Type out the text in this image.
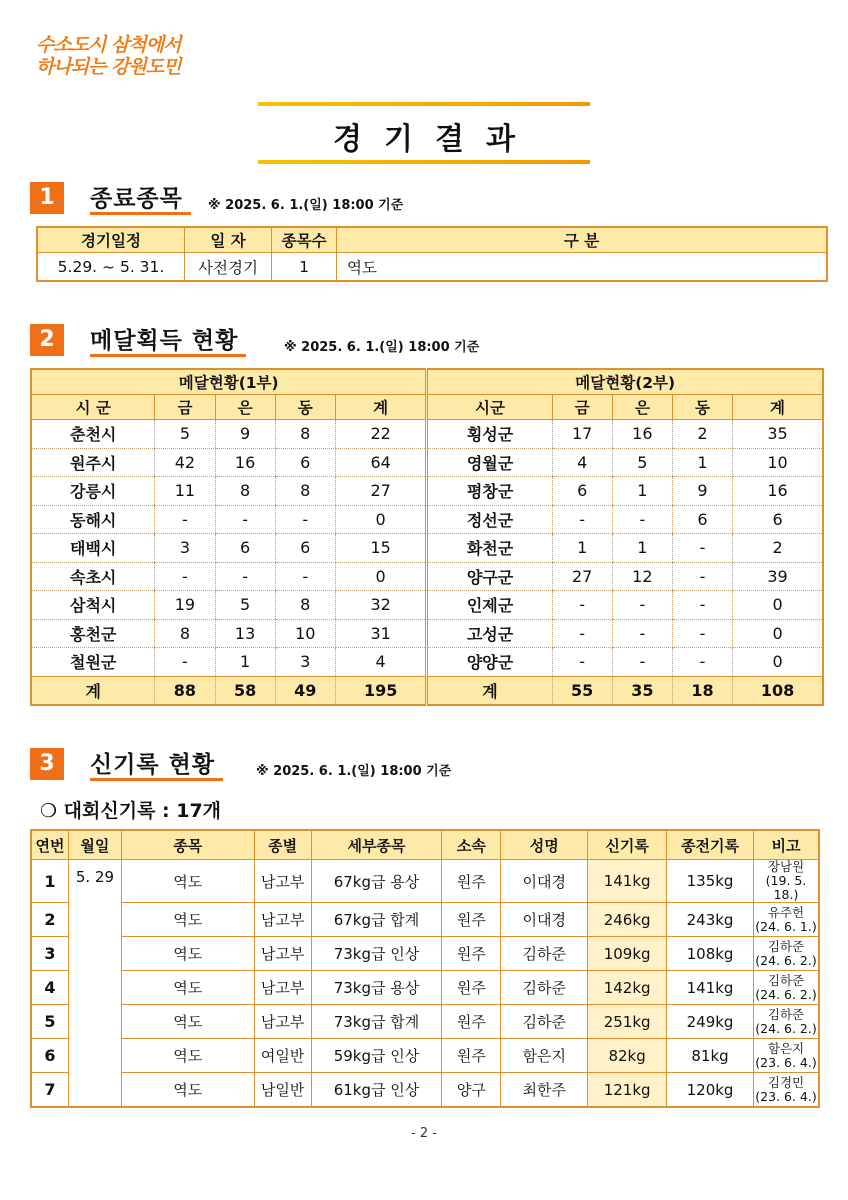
수소도시 삼척에서
하나되는 강원도민
경기결과
1	종료종목	※ 2025. 6. 1.(일) 18:00 기준
경기일정	일 자	종목수	구 분
5.29. ~ 5. 31.	사전경기	1	역도
2	메달획득 현황	※ 2025. 6. 1.(일) 18:00 기준
메달현황(1부)					메달현황(2부)				
시 군	금	은	동	계	시군	금	은	동	계
춘천시	5	9	8	22	횡성군	17	16	2	35
원주시	42	16	6	64	영월군	4	5	1	10
강릉시	11	8	8	27	평창군	6	1	9	16
동해시	-	-	-	0	정선군	-	-	6	6
태백시	3	6	6	15	화천군	1	1	-	2
속초시	-	-	-	0	양구군	27	12	-	39
삼척시	19	5	8	32	인제군	-	-	-	0
홍천군	8	13	10	31	고성군	-	-	-	0
철원군	-	1	3	4	양양군	-	-	-	0
계	88	58	49	195	계	55	35	18	108
3	신기록 현황	※ 2025. 6. 1.(일) 18:00 기준
❍ 대회신기록 : 17개
연번	월일	종목	종별	세부종목	소속	성명	신기록	종전기록	비고
1	5. 29	역도	남고부	67kg급 용상	원주	이대경	141kg	135kg	장남원
(19. 5. 18.)

2		역도	남고부	67kg급 합계	원주	이대경	246kg	243kg	유주헌
(24. 6. 1.)

3		역도	남고부	73kg급 인상	원주	김하준	109kg	108kg	김하준
(24. 6. 2.)

4		역도	남고부	73kg급 용상	원주	김하준	142kg	141kg	김하준
(24. 6. 2.)

5		역도	남고부	73kg급 합계	원주	김하준	251kg	249kg	김하준
(24. 6. 2.)

6		역도	여일반	59kg급 인상	원주	함은지	82kg	81kg	함은지
(23. 6. 4.)

7		역도	남일반	61kg급 인상	양구	최한주	121kg	120kg	김경민
(23. 6. 4.)
- 2 -
